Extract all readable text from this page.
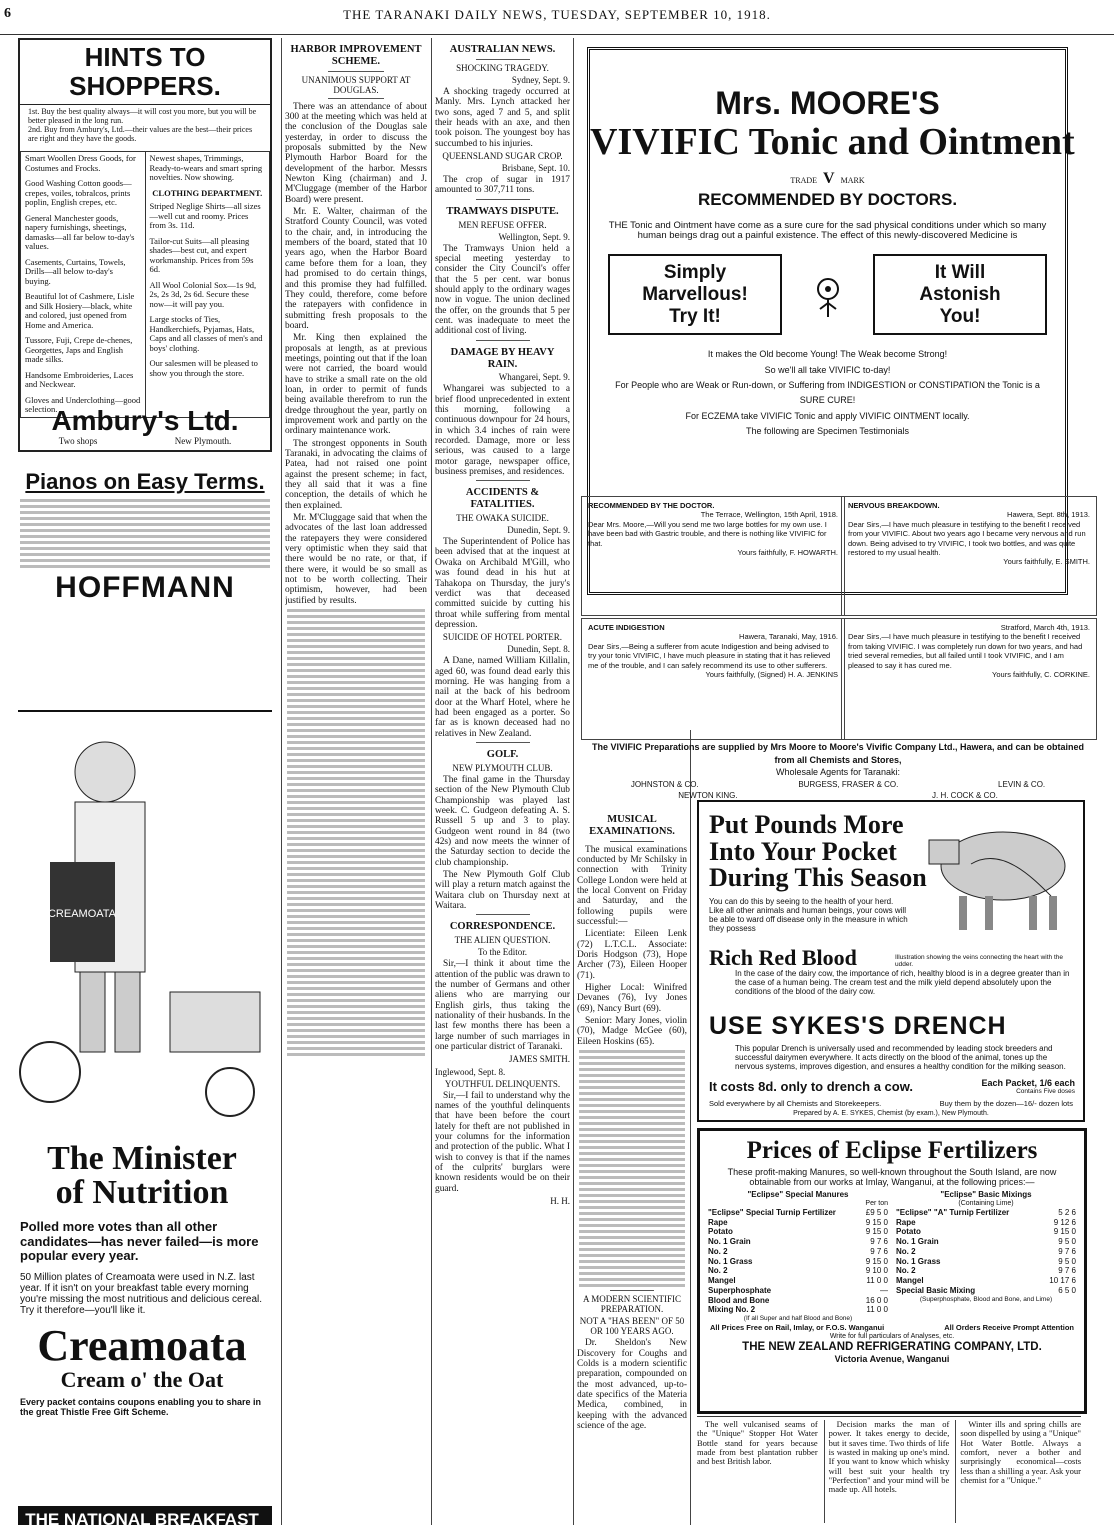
6	THE TARANAKI DAILY NEWS, TUESDAY, SEPTEMBER 10, 1918.
HINTS TO SHOPPERS.
1st. Buy the best quality always—it will cost you more, but you will be better pleased in the long run.
2nd. Buy from Ambury's, Ltd.—their values are the best—their prices are right and they have the goods.
Smart Woollen Dress Goods, for Costumes and Frocks.
Good Washing Cotton goods—crepes, voiles, tobralcos, prints poplin, English crepes, etc.
General Manchester goods, napery furnishings, sheetings, damasks—all far below to-day's values.
Casements, Curtains, Towels, Drills—all below to-day's buying.
Beautiful lot of Cashmere, Lisle and Silk Hosiery—black, white and colored, just opened from Home and America.
Tussore, Fuji, Crepe de-chenes, Georgettes, Japs and English made silks.
Handsome Embroideries, Laces and Neckwear.
Gloves and Underclothing—good selection.

Newest shapes, Trimmings, Ready-to-wears and smart spring novelties. Now showing.
CLOTHING DEPARTMENT.
Striped Neglige Shirts—all sizes—well cut and roomy. Prices from 3s. 11d.
Tailor-cut Suits—all pleasing shades—best cut, and expert workmanship. Prices from 59s 6d.
All Wool Colonial Sox—1s 9d, 2s, 2s 3d, 2s 6d. Secure these now—it will pay you.
Large stocks of Ties, Handkerchiefs, Pyjamas, Hats, Caps and all classes of men's and boys' clothing.
Our salesmen will be pleased to show you through the store.
Ambury's Ltd.
Two shops	New Plymouth.
Pianos on Easy Terms.
HOFFMANN
CREAMOATA
The Minister
of Nutrition
Polled more votes than all other candidates—has never failed—is more popular every year.
50 Million plates of Creamoata were used in N.Z. last year. If it isn't on your breakfast table every morning you're missing the most nutritious and delicious cereal. Try it therefore—you'll like it.
Creamoata
Cream o' the Oat
Every packet contains coupons enabling you to share in the great Thistle Free Gift Scheme.
THE NATIONAL BREAKFAST
HARBOR IMPROVEMENT SCHEME.
UNANIMOUS SUPPORT AT DOUGLAS.

There was an attendance of about 300 at the meeting which was held at the conclusion of the Douglas sale yesterday, in order to discuss the proposals submitted by the New Plymouth Harbor Board for the development of the harbor. Messrs Newton King (chairman) and J. M'Cluggage (member of the Harbor Board) were present.

Mr. E. Walter, chairman of the Stratford County Council, was voted to the chair, and, in introducing the members of the board, stated that 10 years ago, when the Harbor Board came before them for a loan, they had promised to do certain things, and this promise they had fulfilled. They could, therefore, come before the ratepayers with confidence in submitting fresh proposals to the board.

Mr. King then explained the proposals at length, as at previous meetings, pointing out that if the loan were not carried, the board would have to strike a small rate on the old loan, in order to permit of funds being available therefrom to run the dredge throughout the year, partly on improvement work and partly on the ordinary maintenance work.

The strongest opponents in South Taranaki, in advocating the claims of Patea, had not raised one point against the present scheme; in fact, they all said that it was a fine conception, the details of which he then explained.

Mr. M'Cluggage said that when the advocates of the last loan addressed the ratepayers they were considered very optimistic when they said that there would be no rate, or that, if there were, it would be so small as not to be worth collecting. Their optimism, however, had been justified by results.

AUSTRALIAN NEWS.
SHOCKING TRAGEDY.
Sydney, Sept. 9.

A shocking tragedy occurred at Manly. Mrs. Lynch attacked her two sons, aged 7 and 5, and split their heads with an axe, and then took poison. The youngest boy has succumbed to his injuries.

QUEENSLAND SUGAR CROP.
Brisbane, Sept. 10.

The crop of sugar in 1917 amounted to 307,711 tons.

TRAMWAYS DISPUTE.
MEN REFUSE OFFER.
Wellington, Sept. 9.

The Tramways Union held a special meeting yesterday to consider the City Council's offer that the 5 per cent. war bonus should apply to the ordinary wages now in vogue. The union declined the offer, on the grounds that 5 per cent. was inadequate to meet the additional cost of living.

DAMAGE BY HEAVY RAIN.
Whangarei, Sept. 9.

Whangarei was subjected to a brief flood unprecedented in extent this morning, following a continuous downpour for 24 hours, in which 3.4 inches of rain were recorded. Damage, more or less serious, was caused to a large motor garage, newspaper office, business premises, and residences.

ACCIDENTS & FATALITIES.
THE OWAKA SUICIDE.
Dunedin, Sept. 9.

The Superintendent of Police has been advised that at the inquest at Owaka on Archibald M'Gill, who was found dead in his hut at Tahakopa on Thursday, the jury's verdict was that deceased committed suicide by cutting his throat while suffering from mental depression.

SUICIDE OF HOTEL PORTER.
Dunedin, Sept. 8.

A Dane, named William Killalin, aged 60, was found dead early this morning. He was hanging from a nail at the back of his bedroom door at the Wharf Hotel, where he had been engaged as a porter. So far as is known deceased had no relatives in New Zealand.

GOLF.
NEW PLYMOUTH CLUB.

The final game in the Thursday section of the New Plymouth Club Championship was played last week. C. Gudgeon defeating A. S. Russell 5 up and 3 to play. Gudgeon went round in 84 (two 42s) and now meets the winner of the Saturday section to decide the club championship.

The New Plymouth Golf Club will play a return match against the Waitara club on Thursday next at Waitara.

CORRESPONDENCE.
THE ALIEN QUESTION.
To the Editor.

Sir,—I think it about time the attention of the public was drawn to the number of Germans and other aliens who are marrying our English girls, thus taking the nationality of their husbands. In the last few months there has been a large number of such marriages in one particular district of Taranaki.

JAMES SMITH.
Inglewood, Sept. 8.
YOUTHFUL DELINQUENTS.

Sir,—I fail to understand why the names of the youthful delinquents that have been before the court lately for theft are not published in your columns for the information and protection of the public. What I wish to convey is that if the names of the culprits' burglars were known residents would be on their guard.

H. H.
Mrs. MOORE'S
VIVIFIC Tonic and Ointment
TRADE V MARK
RECOMMENDED BY DOCTORS.
THE Tonic and Ointment have come as a sure cure for the sad physical conditions under which so many human beings drag out a painful existence. The effect of this newly-discovered Medicine is
Simply
Marvellous!
Try It!
It Will
Astonish
You!
It makes the Old become Young! The Weak become Strong!
So we'll all take VIVIFIC to-day!
For People who are Weak or Run-down, or Suffering from INDIGESTION or CONSTIPATION the Tonic is a SURE CURE!
For ECZEMA take VIVIFIC Tonic and apply VIVIFIC OINTMENT locally.
The following are Specimen Testimonials
RECOMMENDED BY THE DOCTOR.
The Terrace, Wellington, 15th April, 1918.
Dear Mrs. Moore,—Will you send me two large bottles for my own use. I have been bad with Gastric trouble, and there is nothing like VIVIFIC for that.
Yours faithfully, F. HOWARTH.
NERVOUS BREAKDOWN.
Hawera, Sept. 8th, 1913.
Dear Sirs,—I have much pleasure in testifying to the benefit I received from your VIVIFIC. About two years ago I became very nervous and run down. Being advised to try VIVIFIC, I took two bottles, and was quite restored to my usual health.
Yours faithfully, E. SMITH.
ACUTE INDIGESTION
Hawera, Taranaki, May, 1916.
Dear Sirs,—Being a sufferer from acute Indigestion and being advised to try your tonic VIVIFIC, I have much pleasure in stating that it has relieved me of the trouble, and I can safely recommend its use to other sufferers.
Yours faithfully, (Signed) H. A. JENKINS
Stratford, March 4th, 1913.
Dear Sirs,—I have much pleasure in testifying to the benefit I received from taking VIVIFIC. I was completely run down for two years, and had tried several remedies, but all failed until I took VIVIFIC, and I am pleased to say it has cured me.
Yours faithfully, C. CORKINE.
The VIVIFIC Preparations are supplied by Mrs Moore to Moore's Vivific Company Ltd., Hawera, and can be obtained from all Chemists and Stores,
Wholesale Agents for Taranaki:
JOHNSTON & CO.	BURGESS, FRASER & CO.	LEVIN & CO.
NEWTON KING.	J. H. COCK & CO.
MUSICAL EXAMINATIONS.

The musical examinations conducted by Mr Schilsky in connection with Trinity College London were held at the local Convent on Friday and Saturday, and the following pupils were successful:—

Licentiate: Eileen Lenk (72) L.T.C.L. Associate: Doris Hodgson (73), Hope Archer (73), Eileen Hooper (71).

Higher Local: Winifred Devanes (76), Ivy Jones (69), Nancy Burt (69).

Senior: Mary Jones, violin (70), Madge McGee (60), Eileen Hoskins (65).

A MODERN SCIENTIFIC PREPARATION.
NOT A "HAS BEEN" OF 50 OR 100 YEARS AGO.

Dr. Sheldon's New Discovery for Coughs and Colds is a modern scientific preparation, compounded on the most advanced, up-to-date specifics of the Materia Medica, combined, in keeping with the advanced science of the age.

Put Pounds More
Into Your Pocket
During This Season
You can do this by seeing to the health of your herd. Like all other animals and human beings, your cows will be able to ward off disease only in the measure in which they possess
Rich Red Blood	Illustration showing the veins connecting the heart with the udder.
In the case of the dairy cow, the importance of rich, healthy blood is in a degree greater than in the case of a human being. The cream test and the milk yield depend absolutely upon the conditions of the blood of the dairy cow.
USE SYKES'S DRENCH
This popular Drench is universally used and recommended by leading stock breeders and successful dairymen everywhere. It acts directly on the blood of the animal, tones up the nervous systems, improves digestion, and ensures a healthy condition for the milking season.
It costs 8d. only to drench a cow.	Each Packet, 1/6 each
Contains Five doses
Sold everywhere by all Chemists and Storekeepers.	Buy them by the dozen—16/- dozen lots
Prepared by A. E. SYKES, Chemist (by exam.), New Plymouth.
Prices of Eclipse Fertilizers
These profit-making Manures, so well-known throughout the South Island, are now obtainable from our works at Imlay, Wanganui, at the following prices:—
"Eclipse" Special Manures
Per ton
"Eclipse" Special Turnip Fertilizer	£9 5 0
Rape	9 15 0
Potato	9 15 0
No. 1 Grain	9 7 6
No. 2	9 7 6
No. 1 Grass	9 15 0
No. 2	9 10 0
Mangel	11 0 0
Superphosphate	—
Blood and Bone	16 0 0
Mixing No. 2	11 0 0
(If all Super and half Blood and Bone)
"Eclipse" Basic Mixings
(Containing Lime)
"Eclipse" "A" Turnip Fertilizer	5 2 6
Rape	9 12 6
Potato	9 15 0
No. 1 Grain	9 5 0
No. 2	9 7 6
No. 1 Grass	9 5 0
No. 2	9 7 6
Mangel	10 17 6
Special Basic Mixing	6 5 0
(Superphosphate, Blood and Bone, and Lime)
All Prices Free on Rail, Imlay, or F.O.S. Wanganui	All Orders Receive Prompt Attention
Write for full particulars of Analyses, etc.
THE NEW ZEALAND REFRIGERATING COMPANY, LTD.
Victoria Avenue, Wanganui

The well vulcanised seams of the "Unique" Stopper Hot Water Bottle stand for years because made from best plantation rubber and best British labor.

Decision marks the man of power. It takes energy to decide, but it saves time. Two thirds of life is wasted in making up one's mind. If you want to know which whisky will best suit your health try "Perfection" and your mind will be made up. All hotels.

Winter ills and spring chills are soon dispelled by using a "Unique" Hot Water Bottle. Always a comfort, never a bother and surprisingly economical—costs less than a shilling a year. Ask your chemist for a "Unique."
